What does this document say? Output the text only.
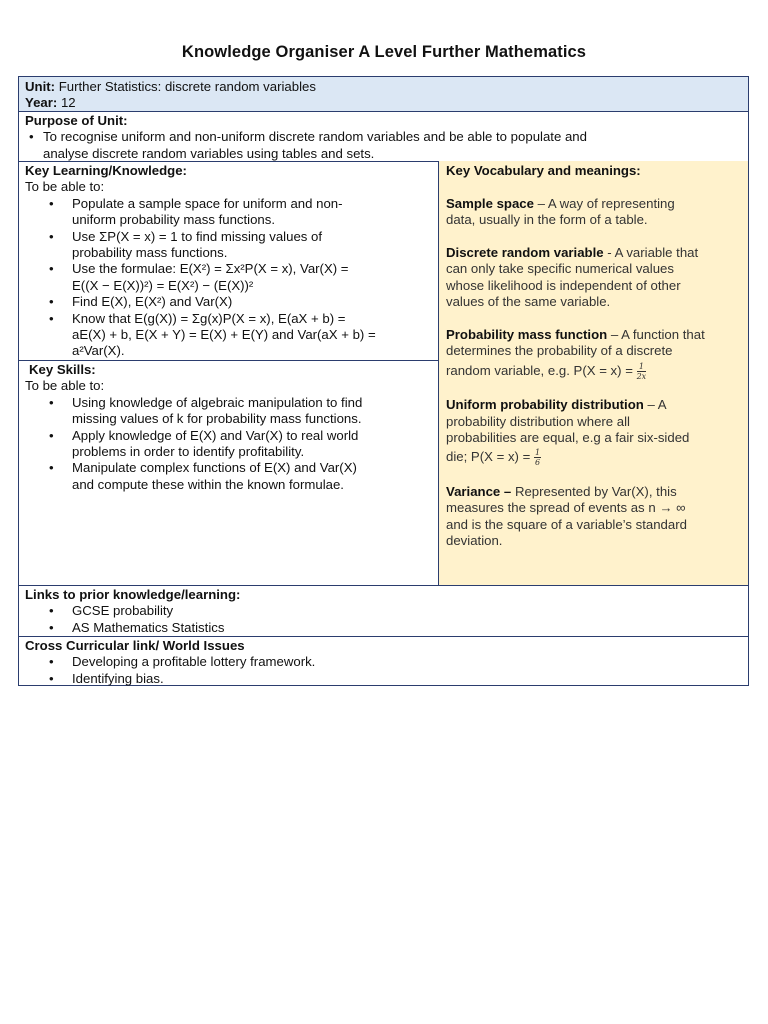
Knowledge Organiser A Level Further Mathematics
Unit: Further Statistics: discrete random variables
Year: 12
Purpose of Unit:
• To recognise uniform and non-uniform discrete random variables and be able to populate and
analyse discrete random variables using tables and sets.
Key Learning/Knowledge:
To be able to:
• Populate a sample space for uniform and non-
uniform probability mass functions.
• Use ΣP(X = x) = 1 to find missing values of
probability mass functions.
• Use the formulae: E(X²) = Σx²P(X = x), Var(X) =
E((X − E(X))²) = E(X²) − (E(X))²
• Find E(X), E(X²) and Var(X)
• Know that E(g(X)) = Σg(x)P(X = x), E(aX + b) =
aE(X) + b, E(X + Y) = E(X) + E(Y) and Var(aX + b) =
a²Var(X).
Key Skills:
To be able to:
• Using knowledge of algebraic manipulation to find
missing values of k for probability mass functions.
• Apply knowledge of E(X) and Var(X) to real world
problems in order to identify profitability.
• Manipulate complex functions of E(X) and Var(X)
and compute these within the known formulae.
Key Vocabulary and meanings:

Sample space – A way of representing
data, usually in the form of a table.
Discrete random variable - A variable that
can only take specific numerical values
whose likelihood is independent of other
values of the same variable.
Probability mass function – A function that
determines the probability of a discrete
random variable, e.g. $P(X = x) = \frac{1}{2x}$
Uniform probability distribution – A
probability distribution where all
probabilities are equal, e.g a fair six-sided
die; $P(X = x) = \frac{1}{6}$
Variance – Represented by Var(X), this
measures the spread of events as n → ∞
and is the square of a variable’s standard
deviation.
Links to prior knowledge/learning:
• GCSE probability
• AS Mathematics Statistics
Cross Curricular link/ World Issues
• Developing a profitable lottery framework.
• Identifying bias.
